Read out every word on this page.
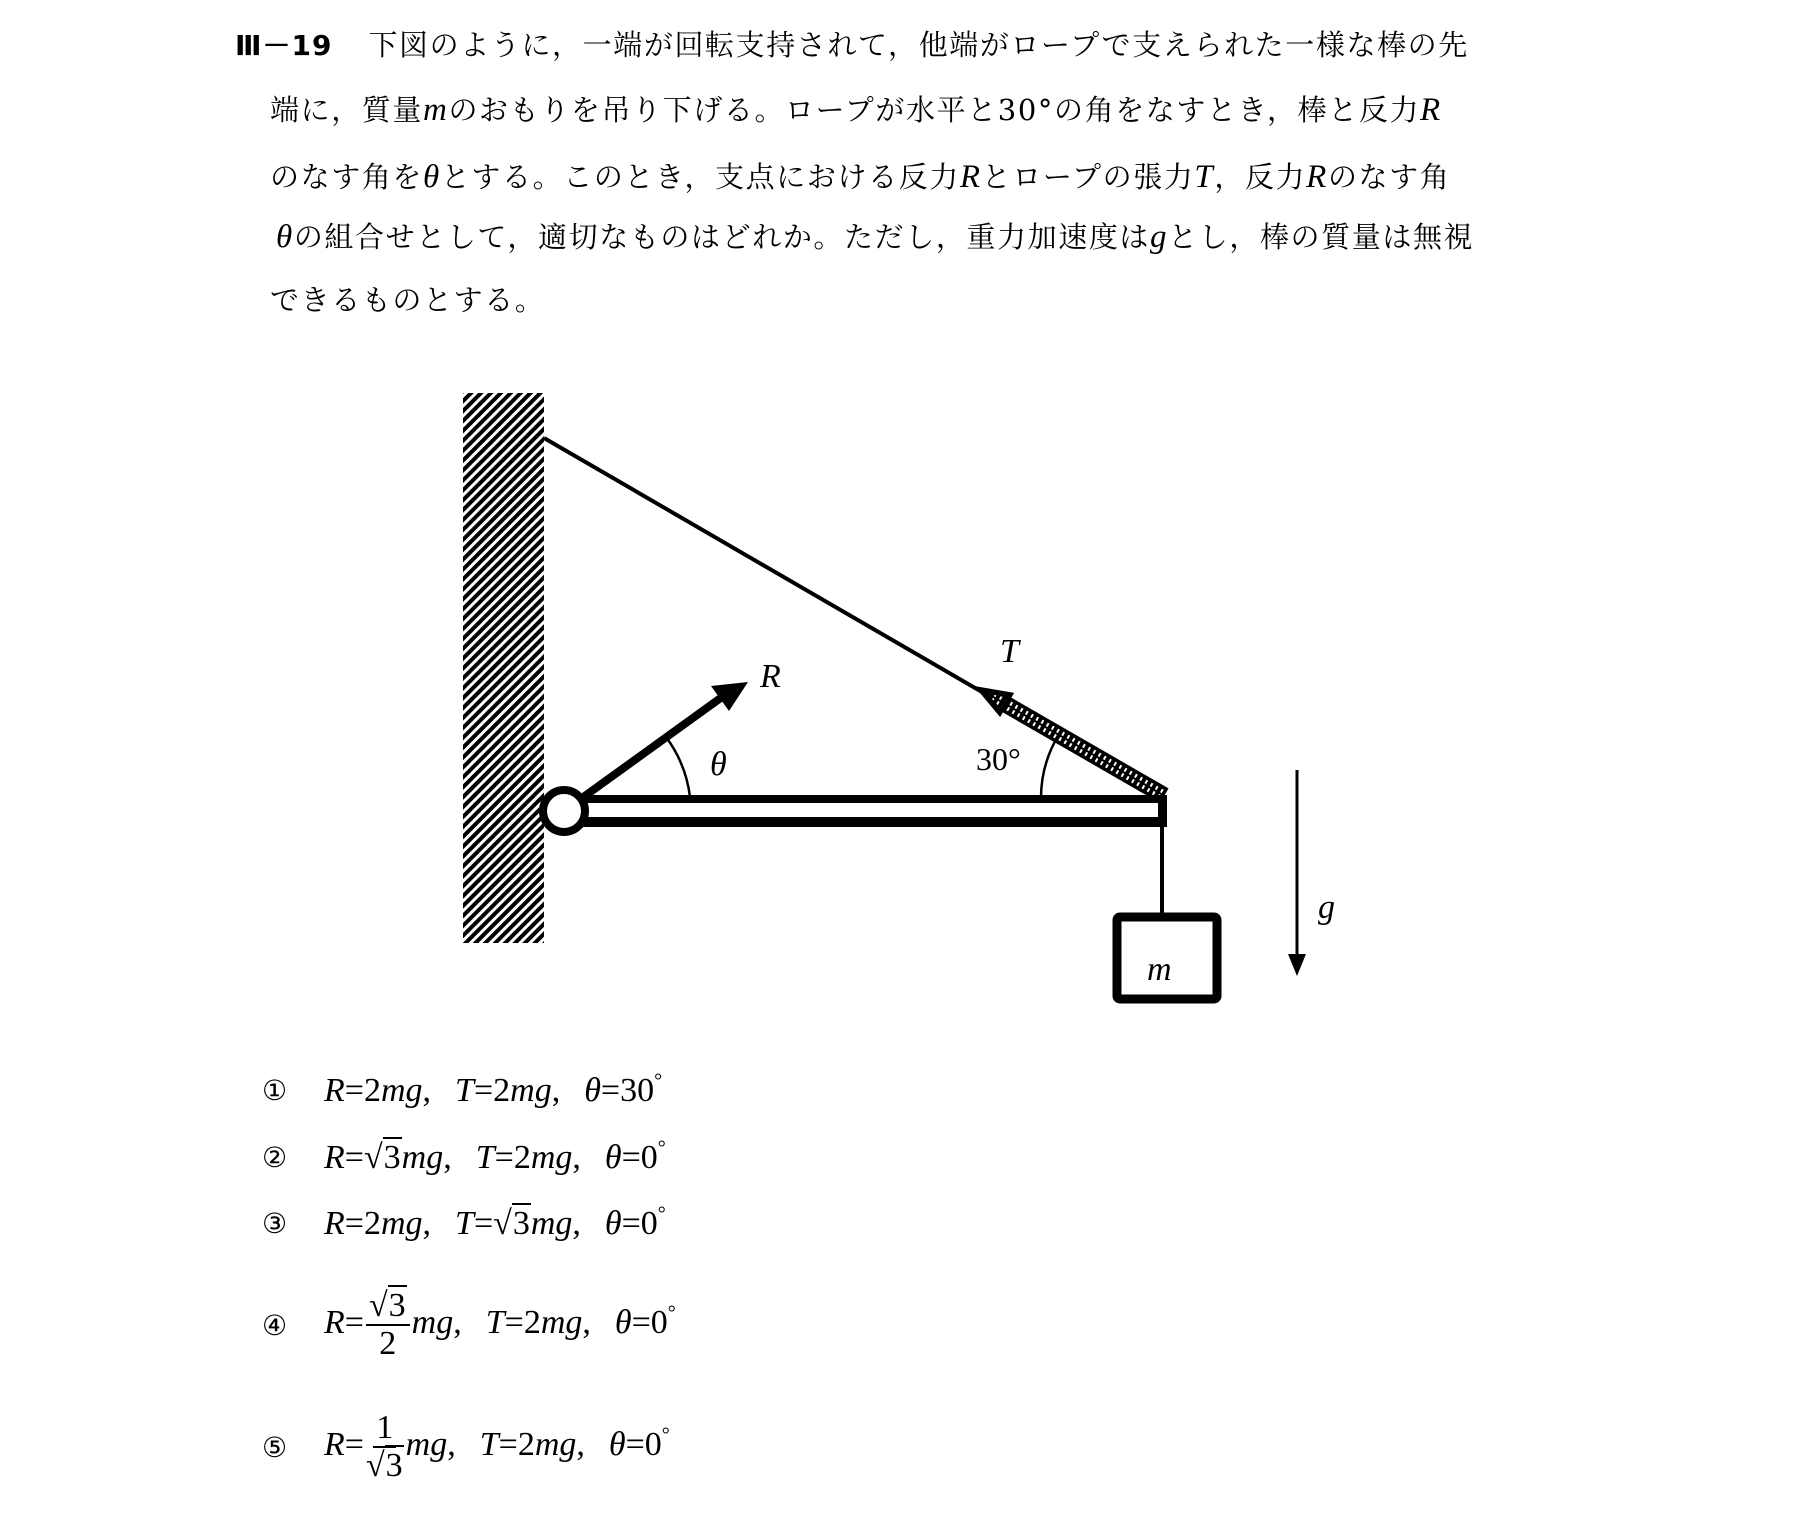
Ⅲ－19 下図のように，一端が回転支持されて，他端がロープで支えられた一様な棒の先
端に，質量mのおもりを吊り下げる。ロープが水平と30°の角をなすとき，棒と反力R
のなす角をθとする。このとき，支点における反力Rとロープの張力T，反力Rのなす角
θの組合せとして，適切なものはどれか。ただし，重力加速度はgとし，棒の質量は無視
できるものとする。
R
T
θ	30°
g
m
①	R=2mg, T=2mg, θ=30°
②	R=√3mg, T=2mg, θ=0°
③	R=2mg, T=√3mg, θ=0°
④	$R= \frac{√3}{2}$ mg, T=2mg, θ=0°
⑤	$R= \frac{1}{√3}$ mg, T=2mg, θ=0°
